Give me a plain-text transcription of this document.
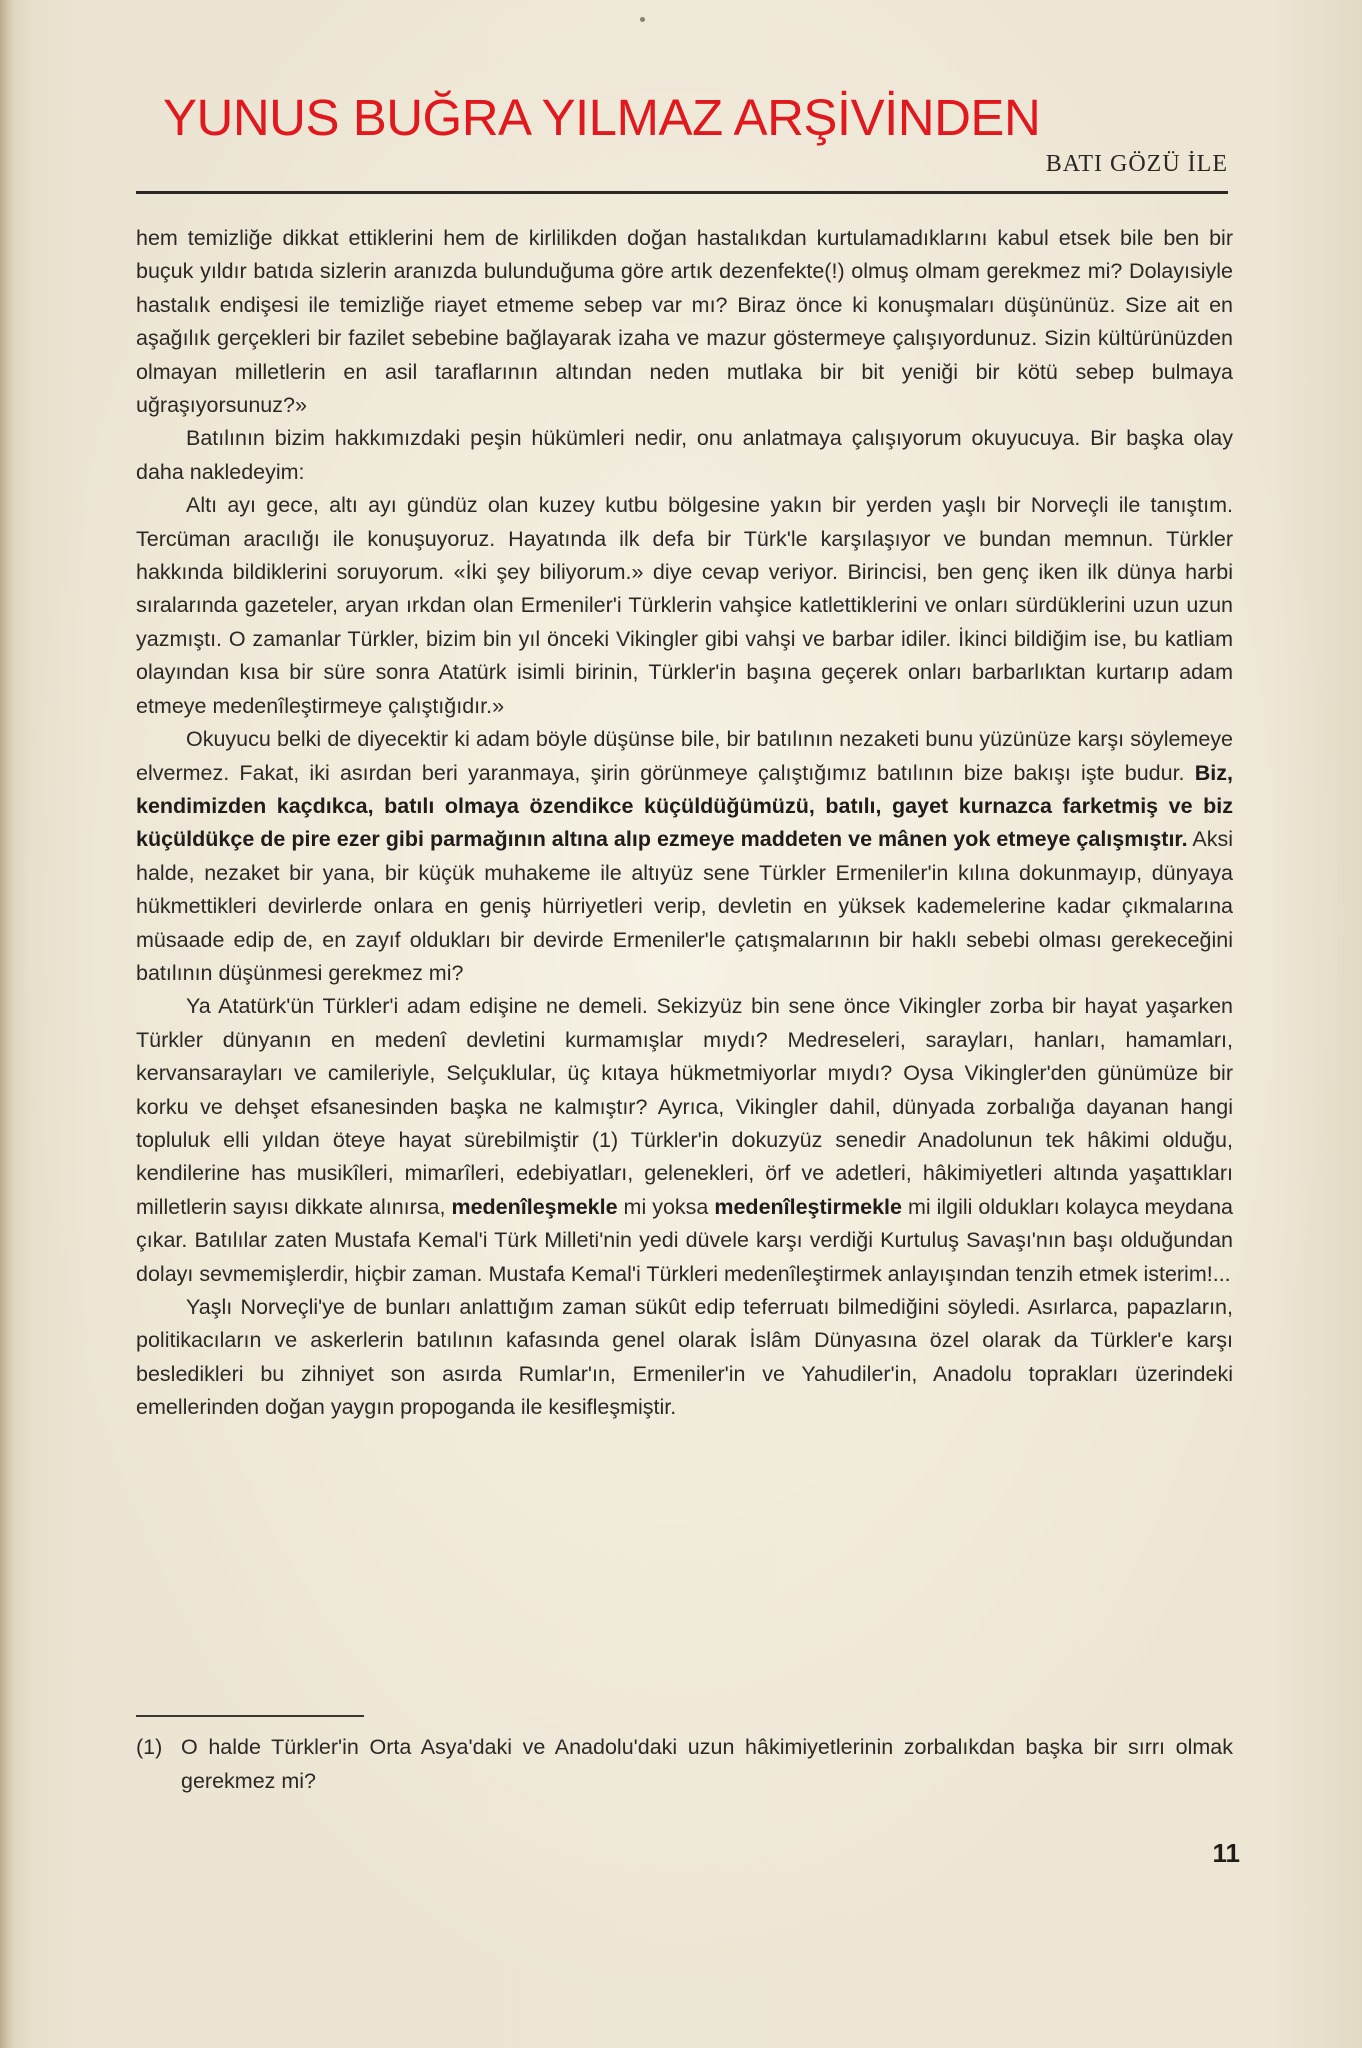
YUNUS BUĞRA YILMAZ ARŞİVİNDEN
BATI GÖZÜ İLE

hem temizliğe dikkat ettiklerini hem de kirlilikden doğan hastalıkdan kurtulamadıklarını kabul etsek bile ben bir buçuk yıldır batıda sizlerin aranızda bulunduğuma göre artık dezenfekte(!) olmuş olmam gerekmez mi? Dolayısiyle hastalık endişesi ile temizliğe riayet etmeme sebep var mı? Biraz önce ki konuşmaları düşününüz. Size ait en aşağılık gerçekleri bir fazilet sebebine bağlayarak izaha ve mazur göstermeye çalışıyordunuz. Sizin kültürünüzden olmayan milletlerin en asil taraflarının altından neden mutlaka bir bit yeniği bir kötü sebep bulmaya uğraşıyorsunuz?»

Batılının bizim hakkımızdaki peşin hükümleri nedir, onu anlatmaya çalışıyorum okuyucuya. Bir başka olay daha nakledeyim:

Altı ayı gece, altı ayı gündüz olan kuzey kutbu bölgesine yakın bir yerden yaşlı bir Norveçli ile tanıştım. Tercüman aracılığı ile konuşuyoruz. Hayatında ilk defa bir Türk'le karşılaşıyor ve bundan memnun. Türkler hakkında bildiklerini soruyorum. «İki şey biliyorum.» diye cevap veriyor. Birincisi, ben genç iken ilk dünya harbi sıralarında gazeteler, aryan ırkdan olan Ermeniler'i Türklerin vahşice katlettiklerini ve onları sürdüklerini uzun uzun yazmıştı. O zamanlar Türkler, bizim bin yıl önceki Vikingler gibi vahşi ve barbar idiler. İkinci bildiğim ise, bu katliam olayından kısa bir süre sonra Atatürk isimli birinin, Türkler'in başına geçerek onları barbarlıktan kurtarıp adam etmeye medenîleştirmeye çalıştığıdır.»

Okuyucu belki de diyecektir ki adam böyle düşünse bile, bir batılının nezaketi bunu yüzünüze karşı söylemeye elvermez. Fakat, iki asırdan beri yaranmaya, şirin görünmeye çalıştığımız batılının bize bakışı işte budur. Biz, kendimizden kaçdıkca, batılı olmaya özendikce küçüldüğümüzü, batılı, gayet kurnazca farketmiş ve biz küçüldükçe de pire ezer gibi parmağının altına alıp ezmeye maddeten ve mânen yok etmeye çalışmıştır. Aksi halde, nezaket bir yana, bir küçük muhakeme ile altıyüz sene Türkler Ermeniler'in kılına dokunmayıp, dünyaya hükmettikleri devirlerde onlara en geniş hürriyetleri verip, devletin en yüksek kademelerine kadar çıkmalarına müsaade edip de, en zayıf oldukları bir devirde Ermeniler'le çatışmalarının bir haklı sebebi olması gerekeceğini batılının düşünmesi gerekmez mi?

Ya Atatürk'ün Türkler'i adam edişine ne demeli. Sekizyüz bin sene önce Vikingler zorba bir hayat yaşarken Türkler dünyanın en medenî devletini kurmamışlar mıydı? Medreseleri, sarayları, hanları, hamamları, kervansarayları ve camileriyle, Selçuklular, üç kıtaya hükmetmiyorlar mıydı? Oysa Vikingler'den günümüze bir korku ve dehşet efsanesinden başka ne kalmıştır? Ayrıca, Vikingler dahil, dünyada zorbalığa dayanan hangi topluluk elli yıldan öteye hayat sürebilmiştir (1) Türkler'in dokuzyüz senedir Anadolunun tek hâkimi olduğu, kendilerine has musikîleri, mimarîleri, edebiyatları, gelenekleri, örf ve adetleri, hâkimiyetleri altında yaşattıkları milletlerin sayısı dikkate alınırsa, medenîleşmekle mi yoksa medenîleştirmekle mi ilgili oldukları kolayca meydana çıkar. Batılılar zaten Mustafa Kemal'i Türk Milleti'nin yedi düvele karşı verdiği Kurtuluş Savaşı'nın başı olduğundan dolayı sevmemişlerdir, hiçbir zaman. Mustafa Kemal'i Türkleri medenîleştirmek anlayışından tenzih etmek isterim!...

Yaşlı Norveçli'ye de bunları anlattığım zaman sükût edip teferruatı bilmediğini söyledi. Asırlarca, papazların, politikacıların ve askerlerin batılının kafasında genel olarak İslâm Dünyasına özel olarak da Türkler'e karşı besledikleri bu zihniyet son asırda Rumlar'ın, Ermeniler'in ve Yahudiler'in, Anadolu toprakları üzerindeki emellerinden doğan yaygın propoganda ile kesifleşmiştir.

(1) O halde Türkler'in Orta Asya'daki ve Anadolu'daki uzun hâkimiyetlerinin zorbalıkdan başka bir sırrı olmak gerekmez mi?
11
